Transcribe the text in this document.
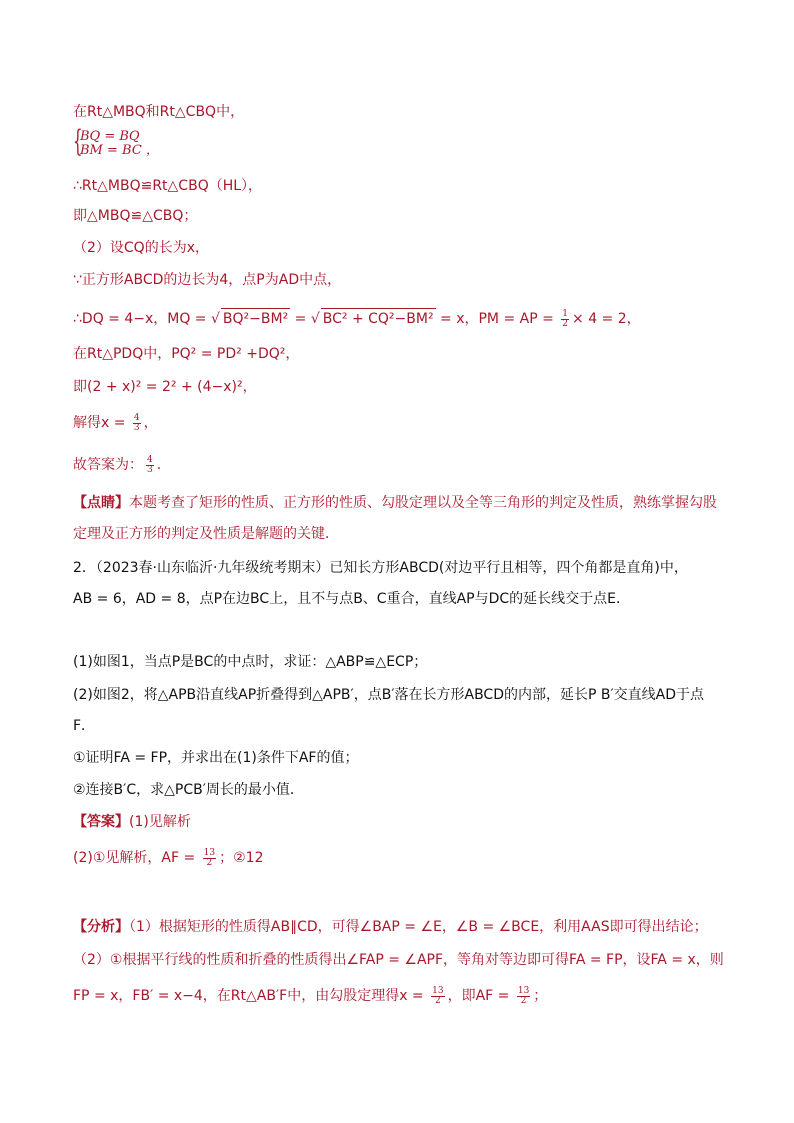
在Rt△MBQ和Rt△CBQ中，
{
BQ = BQ
BM = BC ，
∴Rt△MBQ≌Rt△CBQ（HL），
即△MBQ≌△CBQ；
（2）设CQ的长为x，
∵正方形ABCD的边长为4，点P为AD中点，
∴DQ = 4−x，MQ = √ BQ²−BM² = √ BC² + CQ²−BM² = x，PM = AP = $\frac{1}{2} \times 4 = 2$，
在Rt△PDQ中，PQ² = PD² +DQ²，
即(2 + x)² = 2² + (4−x)²，
解得$x = \frac{4}{3}$ ，
故答案为： $\frac{4}{3}$ .
【点睛】本题考查了矩形的性质、正方形的性质、勾股定理以及全等三角形的判定及性质，熟练掌握勾股
定理及正方形的判定及性质是解题的关键．
2．（2023春·山东临沂·九年级统考期末）已知长方形ABCD(对边平行且相等，四个角都是直角)中，
AB = 6，AD = 8，点P在边BC上，且不与点B、C重合，直线AP与DC的延长线交于点E．
(1)如图1，当点P是BC的中点时，求证：△ABP≌△ECP；
(2)如图2，将△APB沿直线AP折叠得到△APB′，点B′落在长方形ABCD的内部，延长P B′交直线AD于点
F．
①证明FA = FP，并求出在(1)条件下AF的值；
②连接B′C，求△PCB′周长的最小值．
【答案】(1)见解析
(2)①见解析，AF = $\frac{13}{2}$ ；②12
【分析】（1）根据矩形的性质得AB∥CD，可得∠BAP = ∠E，∠B = ∠BCE，利用AAS即可得出结论；
（2）①根据平行线的性质和折叠的性质得出∠FAP = ∠APF，等角对等边即可得FA = FP，设FA = x，则
FP = x，FB′ = x−4，在Rt△AB′F中，由勾股定理得$x = \frac{13}{2}$ ，即AF = $\frac{13}{2}$ ；
